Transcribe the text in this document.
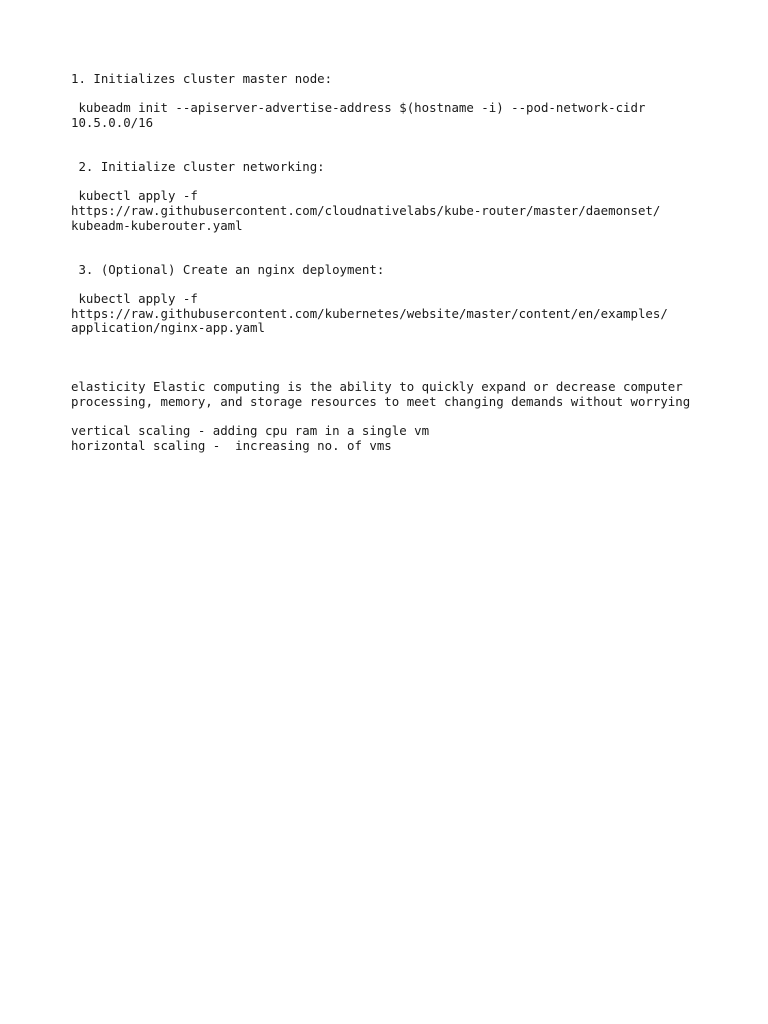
1. Initializes cluster master node:
kubeadm init --apiserver-advertise-address $(hostname -i) --pod-network-cidr
10.5.0.0/16
2. Initialize cluster networking:
kubectl apply -f
https://raw.githubusercontent.com/cloudnativelabs/kube-router/master/daemonset/
kubeadm-kuberouter.yaml
3. (Optional) Create an nginx deployment:
kubectl apply -f
https://raw.githubusercontent.com/kubernetes/website/master/content/en/examples/
application/nginx-app.yaml
elasticity Elastic computing is the ability to quickly expand or decrease computer
processing, memory, and storage resources to meet changing demands without worrying
vertical scaling - adding cpu ram in a single vm
horizontal scaling -  increasing no. of vms
